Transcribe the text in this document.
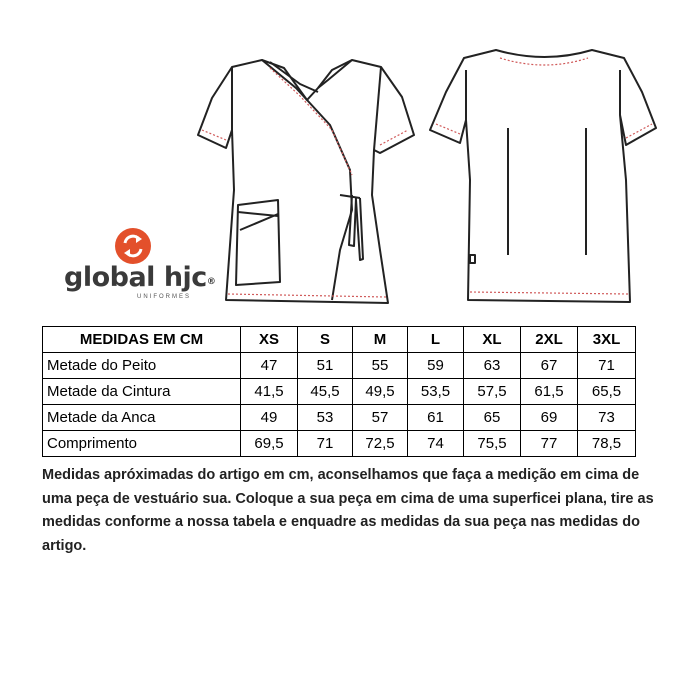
global hjc®
UNIFORMES
MEDIDAS EM CM	XS	S	M	L	XL	2XL	3XL
Metade do Peito	47	51	55	59	63	67	71
Metade da Cintura	41,5	45,5	49,5	53,5	57,5	61,5	65,5
Metade da Anca	49	53	57	61	65	69	73
Comprimento	69,5	71	72,5	74	75,5	77	78,5
Medidas apróximadas do artigo em cm, aconselhamos que faça a medição em cima de uma peça de vestuário sua. Coloque a sua peça em cima de uma superficei plana, tire as medidas conforme a nossa tabela e enquadre as medidas da sua peça nas medidas do artigo.
